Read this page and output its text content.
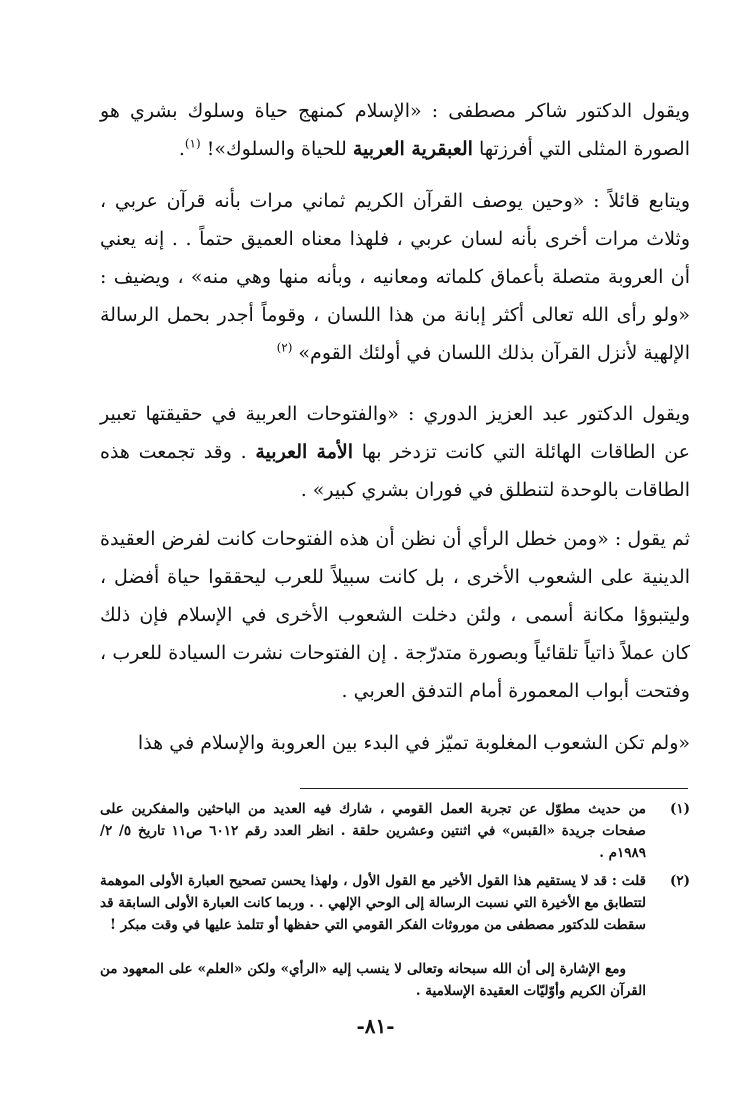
ويقول الدكتور شاكر مصطفى : «الإسلام كمنهج حياة وسلوك بشري هو الصورة المثلى التي أفرزتها العبقرية العربية للحياة والسلوك»! $^{(١)}$.

ويتابع قائلاً : «وحين يوصف القرآن الكريم ثماني مرات بأنه قرآن عربي ، وثلاث مرات أخرى بأنه لسان عربي ، فلهذا معناه العميق حتماً . . إنه يعني أن العروبة متصلة بأعماق كلماته ومعانيه ، وبأنه منها وهي منه» ، ويضيف : «ولو رأى الله تعالى أكثر إبانة من هذا اللسان ، وقوماً أجدر بحمل الرسالة الإلهية لأنزل القرآن بذلك اللسان في أولئك القوم» $^{(٢)}$

ويقول الدكتور عبد العزيز الدوري : «والفتوحات العربية في حقيقتها تعبير عن الطاقات الهائلة التي كانت تزدخر بها الأمة العربية . وقد تجمعت هذه الطاقات بالوحدة لتنطلق في فوران بشري كبير» .

ثم يقول : «ومن خطل الرأي أن نظن أن هذه الفتوحات كانت لفرض العقيدة الدينية على الشعوب الأخرى ، بل كانت سبيلاً للعرب ليحققوا حياة أفضل ، وليتبوؤا مكانة أسمى ، ولئن دخلت الشعوب الأخرى في الإسلام فإن ذلك كان عملاً ذاتياً تلقائياً وبصورة متدرّجة . إن الفتوحات نشرت السيادة للعرب ، وفتحت أبواب المعمورة أمام التدفق العربي .

«ولم تكن الشعوب المغلوبة تميّز في البدء بين العروبة والإسلام في هذا

(١)
من حديث مطوّل عن تجربة العمل القومي ، شارك فيه العديد من الباحثين والمفكرين على صفحات جريدة «القبس» في اثنتين وعشرين حلقة . انظر العدد رقم ٦٠١٢ ص١١ تاريخ ٥/ ٢/ ١٩٨٩م .
(٢)
قلت : قد لا يستقيم هذا القول الأخير مع القول الأول ، ولهذا يحسن تصحيح العبارة الأولى الموهمة لتتطابق مع الأخيرة التي نسبت الرسالة إلى الوحي الإلهي . . وربما كانت العبارة الأولى السابقة قد سقطت للدكتور مصطفى من موروثات الفكر القومي التي حفظها أو تتلمذ عليها في وقت مبكر !

ومع الإشارة إلى أن الله سبحانه وتعالى لا ينسب إليه «الرأي» ولكن «العلم» على المعهود من القرآن الكريم وأوّليّات العقيدة الإسلامية .

-٨١-
